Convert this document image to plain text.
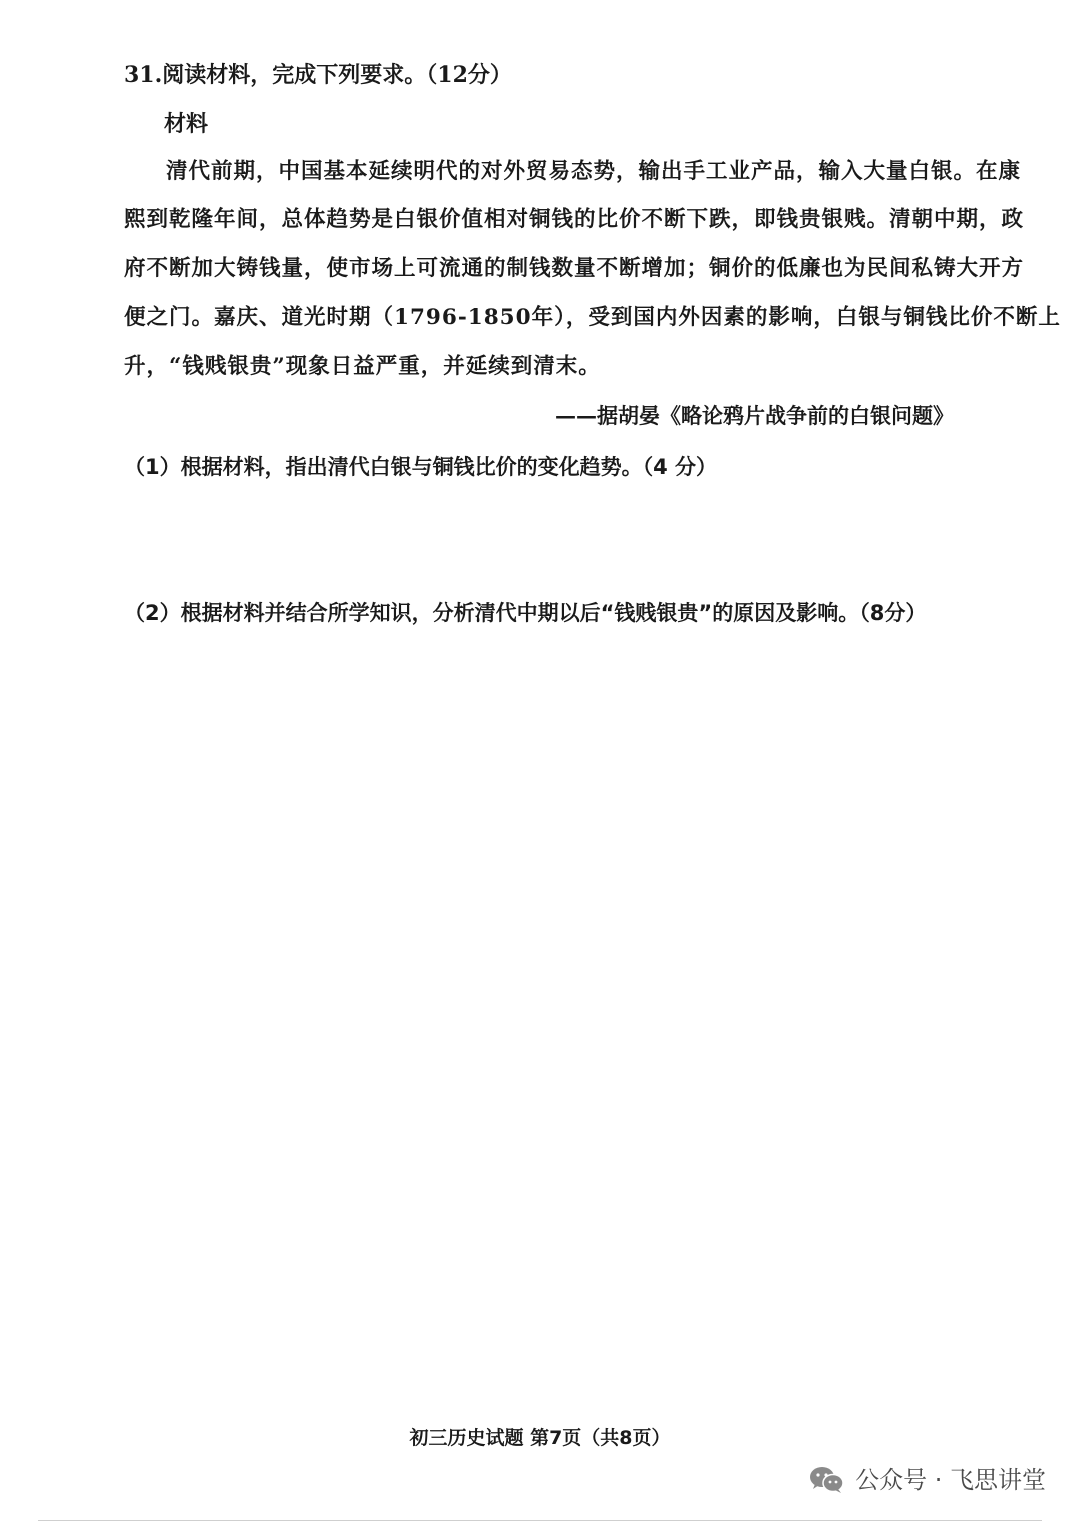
31.阅读材料，完成下列要求。（12分）
材料
清代前期，中国基本延续明代的对外贸易态势，输出手工业产品，输入大量白银。在康
熙到乾隆年间，总体趋势是白银价值相对铜钱的比价不断下跌，即钱贵银贱。清朝中期，政
府不断加大铸钱量，使市场上可流通的制钱数量不断增加；铜价的低廉也为民间私铸大开方
便之门。嘉庆、道光时期（1796-1850年），受到国内外因素的影响，白银与铜钱比价不断上
升，“钱贱银贵”现象日益严重，并延续到清末。
——据胡晏《略论鸦片战争前的白银问题》
（1）根据材料，指出清代白银与铜钱比价的变化趋势。（4 分）
（2）根据材料并结合所学知识，分析清代中期以后“钱贱银贵”的原因及影响。（8分）
初三历史试题 第7页（共8页）
公众号 · 飞思讲堂
